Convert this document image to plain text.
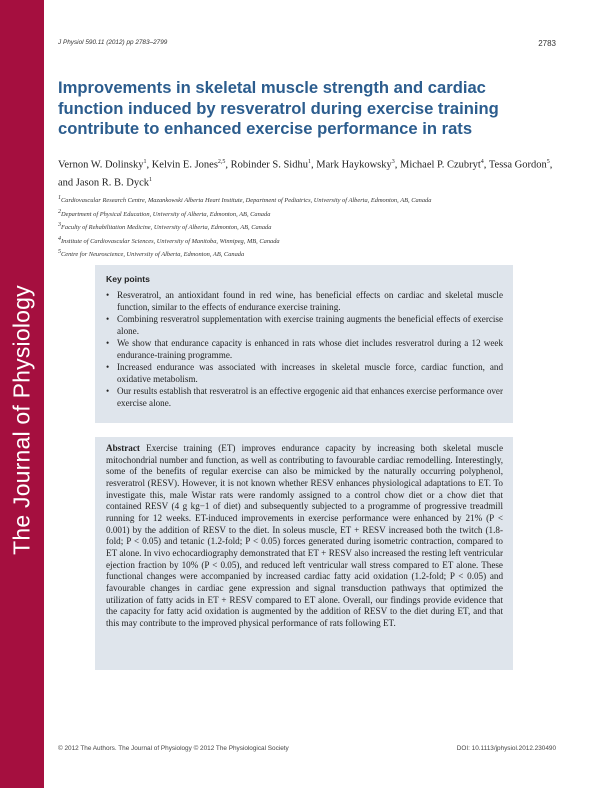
The Journal of Physiology
J Physiol 590.11 (2012) pp 2783–2799	2783
Improvements in skeletal muscle strength and cardiac
function induced by resveratrol during exercise training
contribute to enhanced exercise performance in rats
Vernon W. Dolinsky$^1$, Kelvin E. Jones$^{2,5}$, Robinder S. Sidhu$^1$, Mark Haykowsky$^3$, Michael P. Czubryt$^4$, Tessa Gordon$^5$, and Jason R. B. Dyck$^1$
$^1$Cardiovascular Research Centre, Mazankowski Alberta Heart Institute, Department of Pediatrics, University of Alberta, Edmonton, AB, Canada
$^2$Department of Physical Education, University of Alberta, Edmonton, AB, Canada
$^3$Faculty of Rehabilitation Medicine, University of Alberta, Edmonton, AB, Canada
$^4$Institute of Cardiovascular Sciences, University of Manitoba, Winnipeg, MB, Canada
$^5$Centre for Neuroscience, University of Alberta, Edmonton, AB, Canada
Key points
• Resveratrol, an antioxidant found in red wine, has beneficial effects on cardiac and skeletal muscle function, similar to the effects of endurance exercise training.
• Combining resveratrol supplementation with exercise training augments the beneficial effects of exercise alone.
• We show that endurance capacity is enhanced in rats whose diet includes resveratrol during a 12 week endurance-training programme.
• Increased endurance was associated with increases in skeletal muscle force, cardiac function, and oxidative metabolism.
• Our results establish that resveratrol is an effective ergogenic aid that enhances exercise performance over exercise alone.
Abstract Exercise training (ET) improves endurance capacity by increasing both skeletal muscle mitochondrial number and function, as well as contributing to favourable cardiac remodelling. Interestingly, some of the benefits of regular exercise can also be mimicked by the naturally occurring polyphenol, resveratrol (RESV). However, it is not known whether RESV enhances physiological adaptations to ET. To investigate this, male Wistar rats were randomly assigned to a control chow diet or a chow diet that contained RESV (4 g kg−1 of diet) and subsequently subjected to a programme of progressive treadmill running for 12 weeks. ET-induced improvements in exercise performance were enhanced by 21% (P < 0.001) by the addition of RESV to the diet. In soleus muscle, ET + RESV increased both the twitch (1.8-fold; P < 0.05) and tetanic (1.2-fold; P < 0.05) forces generated during isometric contraction, compared to ET alone. In vivo echocardiography demonstrated that ET + RESV also increased the resting left ventricular ejection fraction by 10% (P < 0.05), and reduced left ventricular wall stress compared to ET alone. These functional changes were accompanied by increased cardiac fatty acid oxidation (1.2-fold; P < 0.05) and favourable changes in cardiac gene expression and signal transduction pathways that optimized the utilization of fatty acids in ET + RESV compared to ET alone. Overall, our findings provide evidence that the capacity for fatty acid oxidation is augmented by the addition of RESV to the diet during ET, and that this may contribute to the improved physical performance of rats following ET.
© 2012 The Authors. The Journal of Physiology © 2012 The Physiological Society	DOI: 10.1113/jphysiol.2012.230490
